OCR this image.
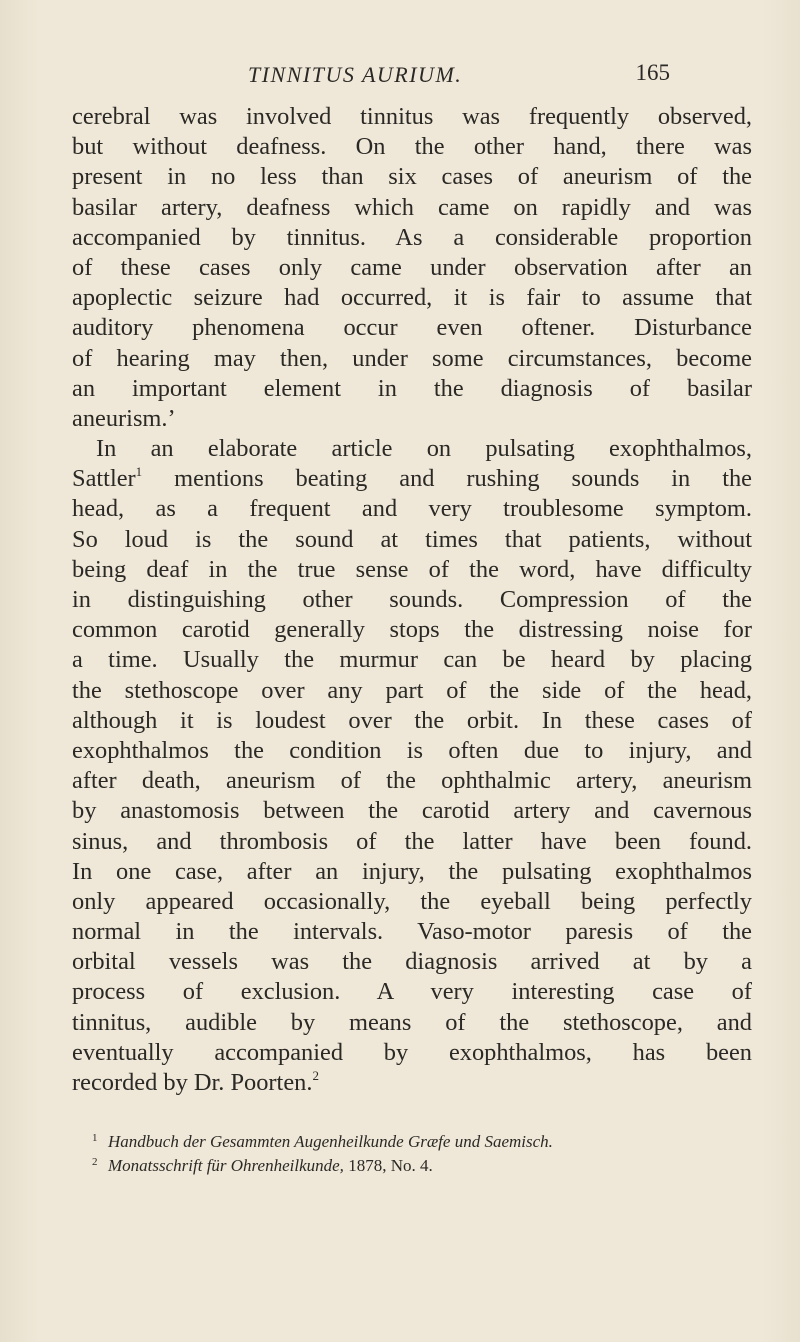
TINNITUS AURIUM.	165
cerebral was involved tinnitus was frequently observed,
but without deafness. On the other hand, there was
present in no less than six cases of aneurism of the
basilar artery, deafness which came on rapidly and was
accompanied by tinnitus. As a considerable proportion
of these cases only came under observation after an
apoplectic seizure had occurred, it is fair to assume that
auditory phenomena occur even oftener. Disturbance
of hearing may then, under some circumstances, become
an important element in the diagnosis of basilar
aneurism.’
In an elaborate article on pulsating exophthalmos,
Sattler$^1$ mentions beating and rushing sounds in the
head, as a frequent and very troublesome symptom.
So loud is the sound at times that patients, without
being deaf in the true sense of the word, have difficulty
in distinguishing other sounds. Compression of the
common carotid generally stops the distressing noise for
a time. Usually the murmur can be heard by placing
the stethoscope over any part of the side of the head,
although it is loudest over the orbit. In these cases of
exophthalmos the condition is often due to injury, and
after death, aneurism of the ophthalmic artery, aneurism
by anastomosis between the carotid artery and cavernous
sinus, and thrombosis of the latter have been found.
In one case, after an injury, the pulsating exophthalmos
only appeared occasionally, the eyeball being perfectly
normal in the intervals. Vaso-motor paresis of the
orbital vessels was the diagnosis arrived at by a
process of exclusion. A very interesting case of
tinnitus, audible by means of the stethoscope, and
eventually accompanied by exophthalmos, has been
recorded by Dr. Poorten.$^2$
1 Handbuch der Gesammten Augenheilkunde Græfe und Saemisch.
2 Monatsschrift für Ohrenheilkunde, 1878, No. 4.
